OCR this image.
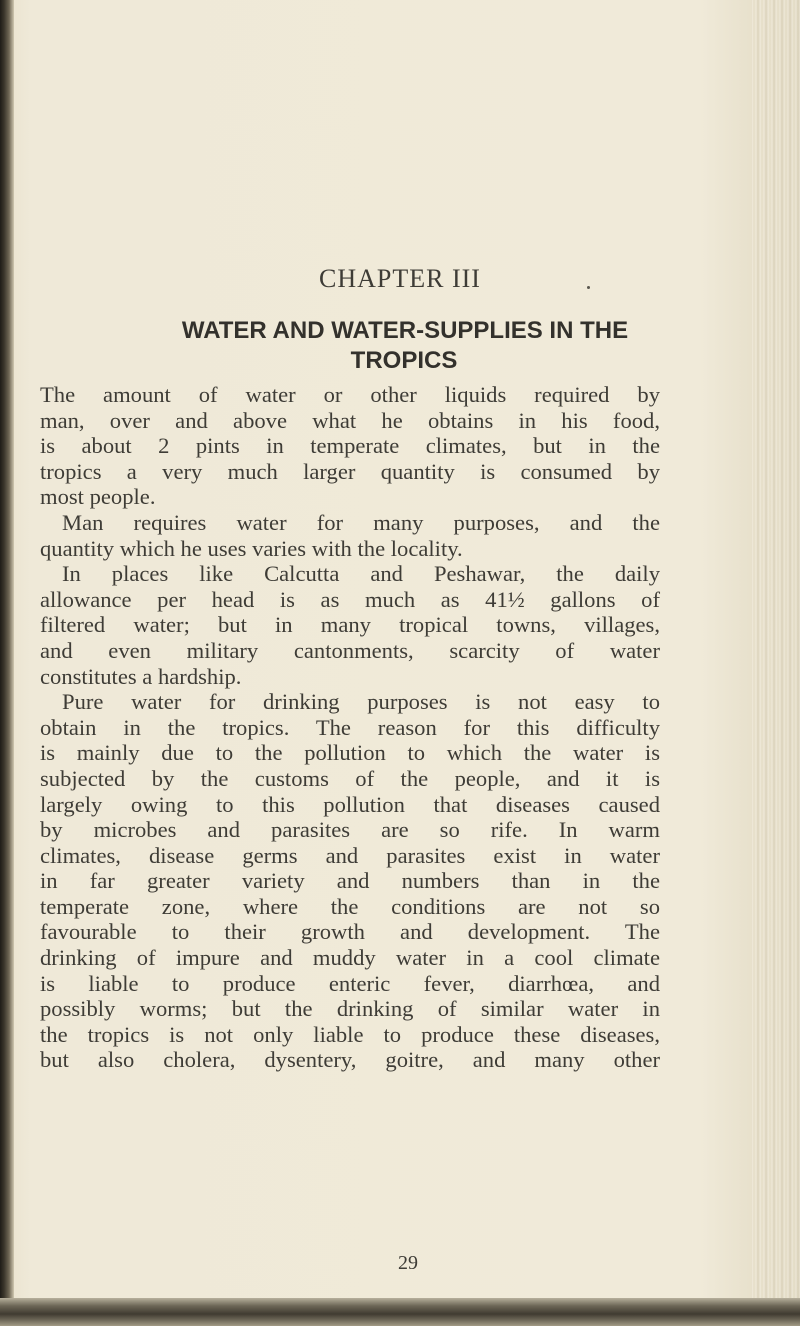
CHAPTER III
WATER AND WATER-SUPPLIES IN THE
TROPICS
The amount of water or other liquids required by
man, over and above what he obtains in his food,
is about 2 pints in temperate climates, but in the
tropics a very much larger quantity is consumed by
most people.
Man requires water for many purposes, and the
quantity which he uses varies with the locality.
In places like Calcutta and Peshawar, the daily
allowance per head is as much as 41½ gallons of
filtered water; but in many tropical towns, villages,
and even military cantonments, scarcity of water
constitutes a hardship.
Pure water for drinking purposes is not easy to
obtain in the tropics. The reason for this difficulty
is mainly due to the pollution to which the water is
subjected by the customs of the people, and it is
largely owing to this pollution that diseases caused
by microbes and parasites are so rife. In warm
climates, disease germs and parasites exist in water
in far greater variety and numbers than in the
temperate zone, where the conditions are not so
favourable to their growth and development. The
drinking of impure and muddy water in a cool climate
is liable to produce enteric fever, diarrhœa, and
possibly worms; but the drinking of similar water in
the tropics is not only liable to produce these diseases,
but also cholera, dysentery, goitre, and many other
29
